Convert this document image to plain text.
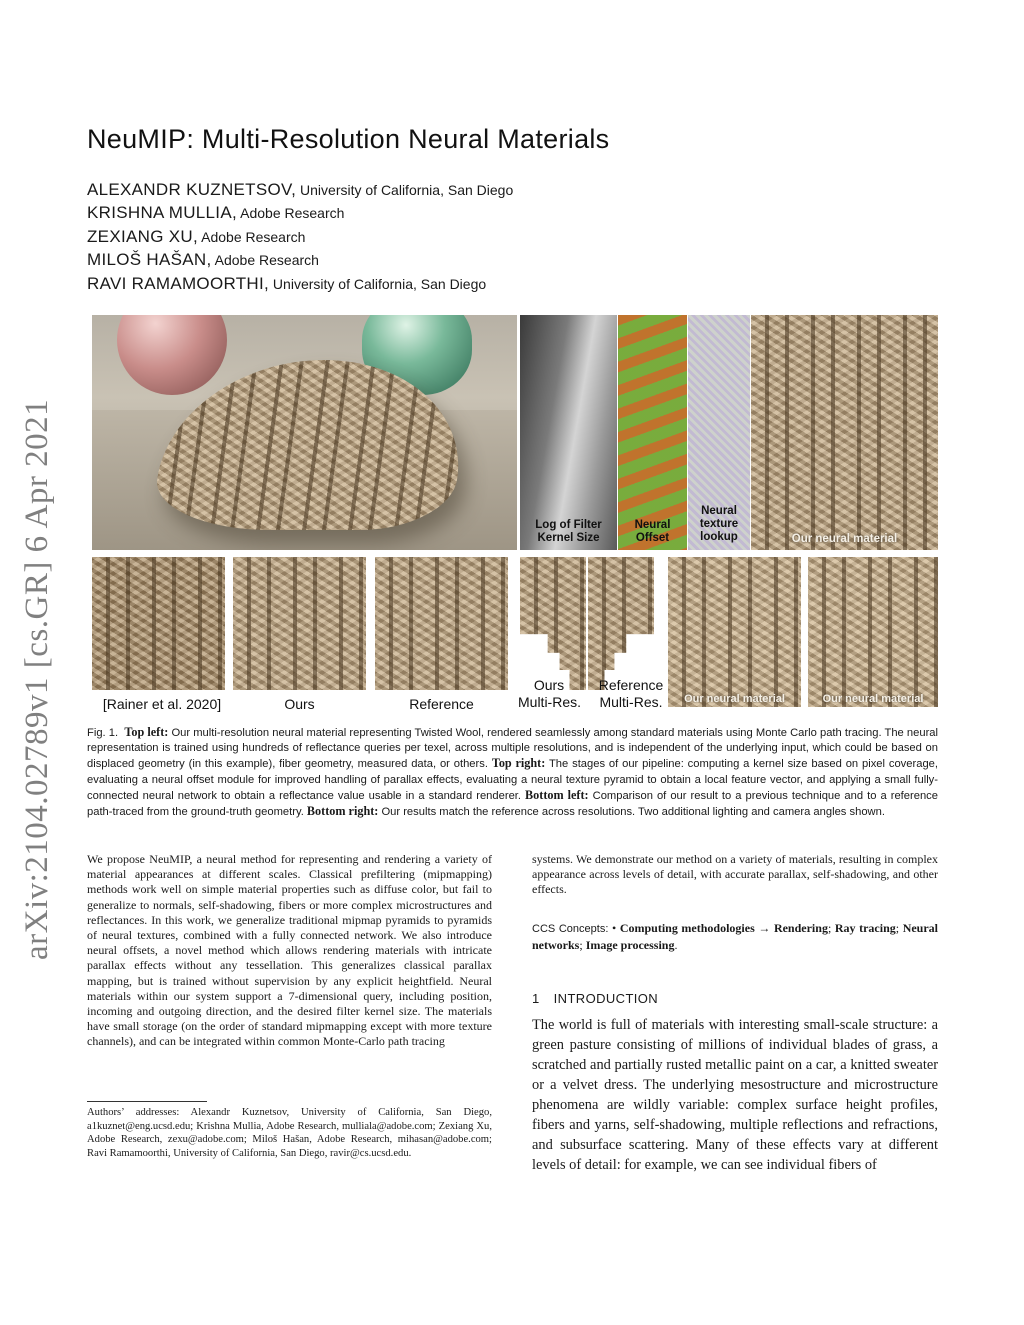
arXiv:2104.02789v1 [cs.GR] 6 Apr 2021
NeuMIP: Multi-Resolution Neural Materials
ALEXANDR KUZNETSOV, University of California, San Diego
KRISHNA MULLIA, Adobe Research
ZEXIANG XU, Adobe Research
MILOŠ HAŠAN, Adobe Research
RAVI RAMAMOORTHI, University of California, San Diego
Log of Filter
Kernel Size
Neural
Offset
Neural
texture
lookup	Our neural material
[Rainer et al. 2020]	Ours	Reference
Ours
Multi-Res.
Reference
Multi-Res.	Our neural material	Our neural material
Fig. 1. Top left: Our multi-resolution neural material representing Twisted Wool, rendered seamlessly among standard materials using Monte Carlo path tracing. The neural representation is trained using hundreds of reflectance queries per texel, across multiple resolutions, and is independent of the underlying input, which could be based on displaced geometry (in this example), fiber geometry, measured data, or others. Top right: The stages of our pipeline: computing a kernel size based on pixel coverage, evaluating a neural offset module for improved handling of parallax effects, evaluating a neural texture pyramid to obtain a local feature vector, and applying a small fully-connected neural network to obtain a reflectance value usable in a standard renderer. Bottom left: Comparison of our result to a previous technique and to a reference path-traced from the ground-truth geometry. Bottom right: Our results match the reference across resolutions. Two additional lighting and camera angles shown.
We propose NeuMIP, a neural method for representing and rendering a variety of material appearances at different scales. Classical prefiltering (mipmapping) methods work well on simple material properties such as diffuse color, but fail to generalize to normals, self-shadowing, fibers or more complex microstructures and reflectances. In this work, we generalize traditional mipmap pyramids to pyramids of neural textures, combined with a fully connected network. We also introduce neural offsets, a novel method which allows rendering materials with intricate parallax effects without any tessellation. This generalizes classical parallax mapping, but is trained without supervision by any explicit heightfield. Neural materials within our system support a 7-dimensional query, including position, incoming and outgoing direction, and the desired filter kernel size. The materials have small storage (on the order of standard mipmapping except with more texture channels), and can be integrated within common Monte-Carlo path tracing
systems. We demonstrate our method on a variety of materials, resulting in complex appearance across levels of detail, with accurate parallax, self-shadowing, and other effects.
CCS Concepts: • Computing methodologies → Rendering; Ray tracing; Neural networks; Image processing.
1 INTRODUCTION
The world is full of materials with interesting small-scale structure: a green pasture consisting of millions of individual blades of grass, a scratched and partially rusted metallic paint on a car, a knitted sweater or a velvet dress. The underlying mesostructure and microstructure phenomena are wildly variable: complex surface height profiles, fibers and yarns, self-shadowing, multiple reflections and refractions, and subsurface scattering. Many of these effects vary at different levels of detail: for example, we can see individual fibers of
Authors’ addresses: Alexandr Kuznetsov, University of California, San Diego, a1kuznet@eng.ucsd.edu; Krishna Mullia, Adobe Research, mulliala@adobe.com; Zexiang Xu, Adobe Research, zexu@adobe.com; Miloš Hašan, Adobe Research, mihasan@adobe.com; Ravi Ramamoorthi, University of California, San Diego, ravir@cs.ucsd.edu.
